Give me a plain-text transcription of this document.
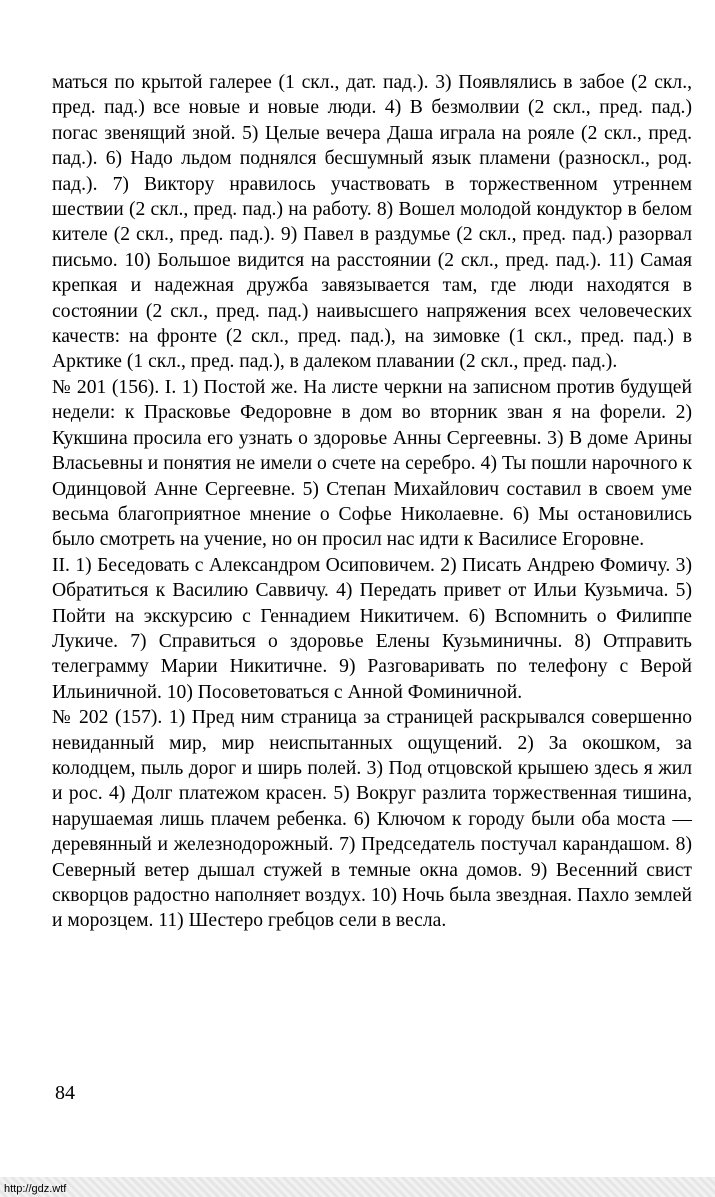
маться по крытой галерее (1 скл., дат. пад.). 3) Появлялись в забое (2 скл., пред. пад.) все новые и новые люди. 4) В безмолвии (2 скл., пред. пад.) погас звенящий зной. 5) Целые вечера Даша играла на рояле (2 скл., пред. пад.). 6) Надо льдом поднялся бесшумный язык пламени (разноскл., род. пад.). 7) Виктору нравилось участвовать в торжественном утреннем шествии (2 скл., пред. пад.) на работу. 8) Вошел молодой кондуктор в белом кителе (2 скл., пред. пад.). 9) Павел в раздумье (2 скл., пред. пад.) разорвал письмо. 10) Большое видится на расстоянии (2 скл., пред. пад.). 11) Самая крепкая и надежная дружба завязывается там, где люди находятся в состоянии (2 скл., пред. пад.) наивысшего напряжения всех человеческих качеств: на фронте (2 скл., пред. пад.), на зимовке (1 скл., пред. пад.) в Арктике (1 скл., пред. пад.), в далеком плавании (2 скл., пред. пад.).

№ 201 (156). I. 1) Постой же. На листе черкни на записном против будущей недели: к Прасковье Федоровне в дом во вторник зван я на форели. 2) Кукшина просила его узнать о здоровье Анны Сергеевны. 3) В доме Арины Власьевны и понятия не имели о счете на серебро. 4) Ты пошли нарочного к Одинцовой Анне Сергеевне. 5) Степан Михайлович составил в своем уме весьма благоприятное мнение о Софье Николаевне. 6) Мы остановились было смотреть на учение, но он просил нас идти к Василисе Егоровне.

II. 1) Беседовать с Александром Осиповичем. 2) Писать Андрею Фомичу. 3) Обратиться к Василию Саввичу. 4) Передать привет от Ильи Кузьмича. 5) Пойти на экскурсию с Геннадием Никитичем. 6) Вспомнить о Филиппе Лукиче. 7) Справиться о здоровье Елены Кузьминичны. 8) Отправить телеграмму Марии Никитичне. 9) Разговаривать по телефону с Верой Ильиничной. 10) Посоветоваться с Анной Фоминичной.

№ 202 (157). 1) Пред ним страница за страницей раскрывался совершенно невиданный мир, мир неиспытанных ощущений. 2) За окошком, за колодцем, пыль дорог и ширь полей. 3) Под отцовской крышею здесь я жил и рос. 4) Долг платежом красен. 5) Вокруг разлита торжественная тишина, нарушаемая лишь плачем ребенка. 6) Ключом к городу были оба моста — деревянный и железнодорожный. 7) Председатель постучал карандашом. 8) Северный ветер дышал стужей в темные окна домов. 9) Весенний свист скворцов радостно наполняет воздух. 10) Ночь была звездная. Пахло землей и морозцем. 11) Шестеро гребцов сели в весла.

84
http://gdz.wtf
